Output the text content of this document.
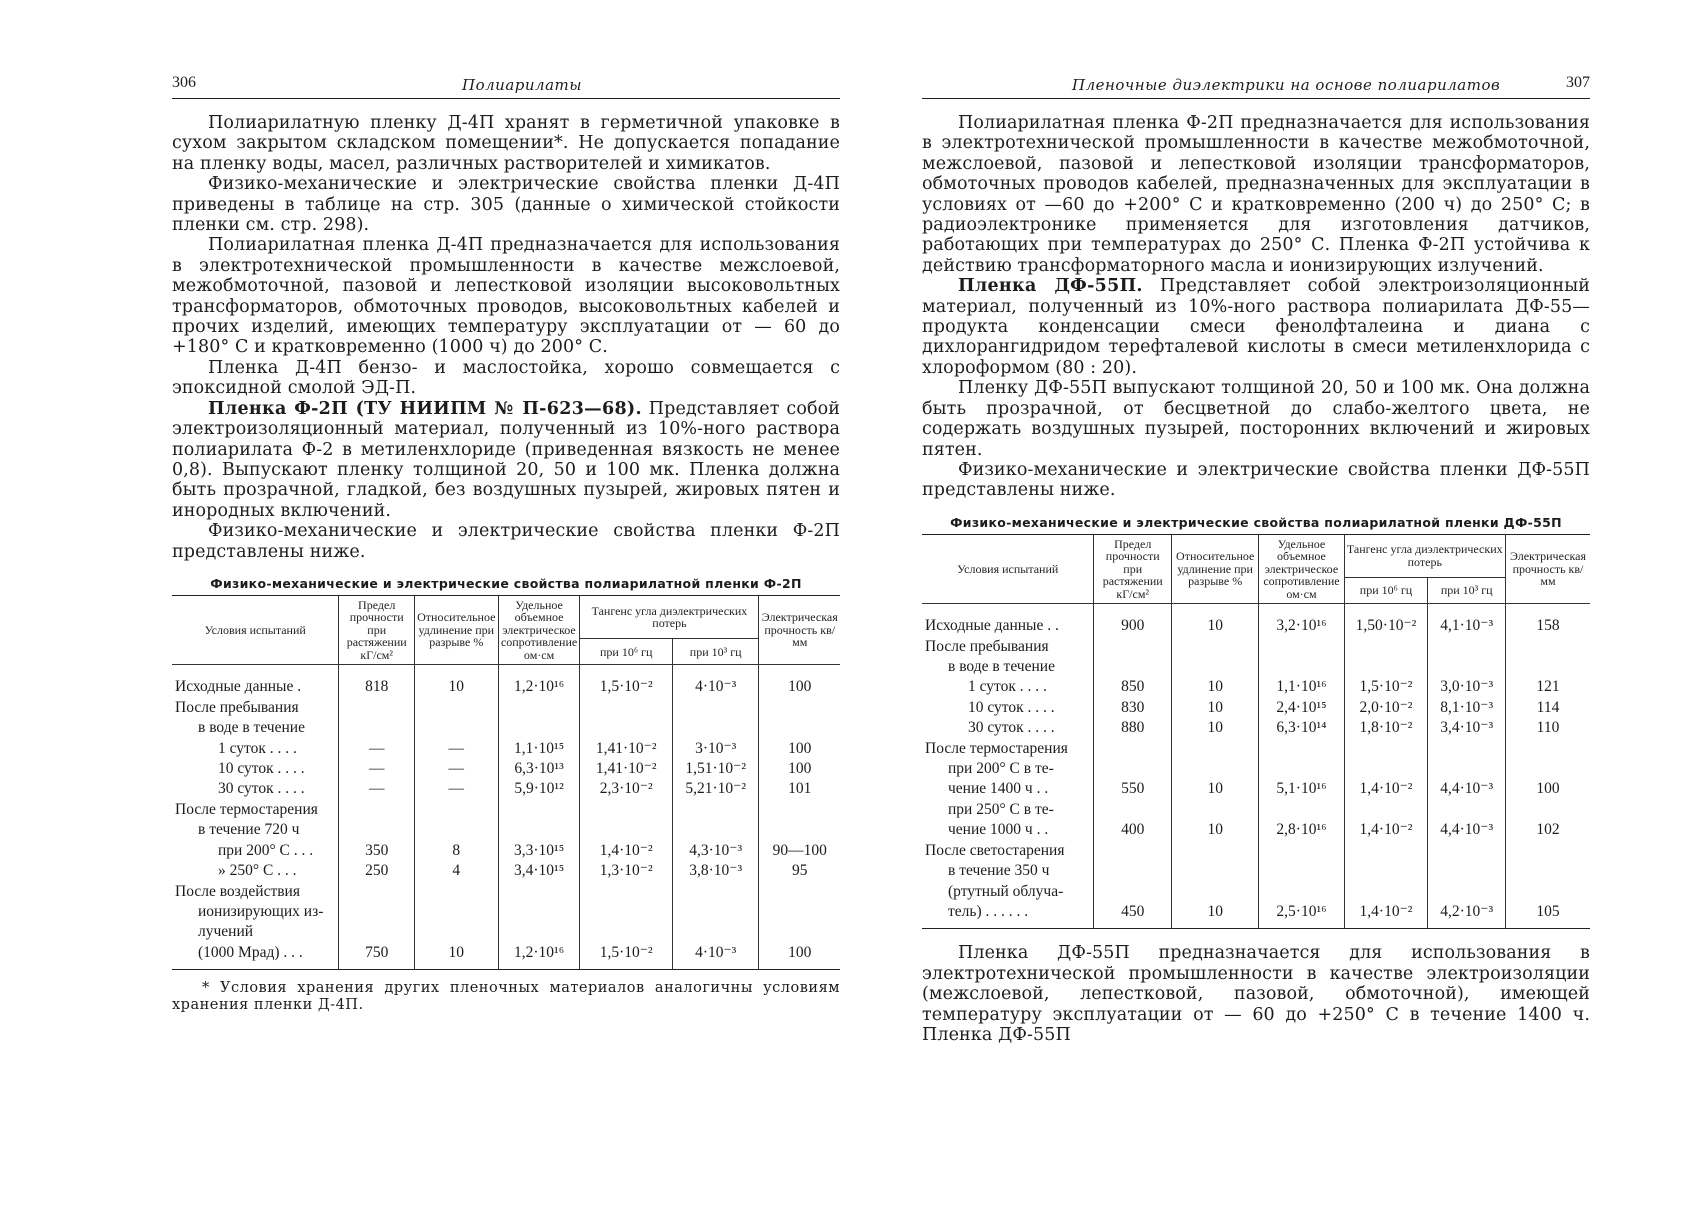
306	Полиарилаты

Полиарилатную пленку Д-4П хранят в герметичной упаковке в сухом закрытом складском помещении*. Не допускается попадание на пленку воды, масел, различных растворителей и химикатов.

Физико-механические и электрические свойства пленки Д-4П приведены в таблице на стр. 305 (данные о химической стойкости пленки см. стр. 298).

Полиарилатная пленка Д-4П предназначается для использования в электротехнической промышленности в качестве межслоевой, межобмоточной, пазовой и лепестковой изоляции высоковольтных трансформаторов, обмоточных проводов, высоковольтных кабелей и прочих изделий, имеющих температуру эксплуатации от — 60 до +180° С и кратковременно (1000 ч) до 200° С.

Пленка Д-4П бензо- и маслостойка, хорошо совмещается с эпоксидной смолой ЭД-П.

Пленка Ф-2П (ТУ НИИПМ № П-623—68). Представляет собой электроизоляционный материал, полученный из 10%-ного раствора полиарилата Ф-2 в метиленхлориде (приведенная вязкость не менее 0,8). Выпускают пленку толщиной 20, 50 и 100 мк. Пленка должна быть прозрачной, гладкой, без воздушных пузырей, жировых пятен и инородных включений.

Физико-механические и электрические свойства пленки Ф-2П представлены ниже.

Физико-механические и электрические свойства полиарилатной пленки Ф-2П
Условия испытаний	Предел прочности при растяжении кГ/см²	Относительное удлинение при разрыве %	Удельное объемное электрическое сопротивление ом·см	Тангенс угла диэлектрических потерь		Электрическая прочность кв/мм
				при 10⁶ гц	при 10³ гц	
Исходные данные .	818	10	1,2·10¹⁶	1,5·10⁻²	4·10⁻³	100
После пребывания						
в воде в течение						
1 суток . . . .	—	—	1,1·10¹⁵	1,41·10⁻²	3·10⁻³	100
10 суток . . . .	—	—	6,3·10¹³	1,41·10⁻²	1,51·10⁻²	100
30 суток . . . .	—	—	5,9·10¹²	2,3·10⁻²	5,21·10⁻²	101
После термостарения						
в течение 720 ч						
при 200° С . . .	350	8	3,3·10¹⁵	1,4·10⁻²	4,3·10⁻³	90—100
» 250° С . . .	250	4	3,4·10¹⁵	1,3·10⁻²	3,8·10⁻³	95
После воздействия						
ионизирующих из-						
лучений						
(1000 Мрад) . . .	750	10	1,2·10¹⁶	1,5·10⁻²	4·10⁻³	100
* Условия хранения других пленочных материалов аналогичны условиям хранения пленки Д-4П.
Пленочные диэлектрики на основе полиарилатов	307

Полиарилатная пленка Ф-2П предназначается для использования в электротехнической промышленности в качестве межобмоточной, межслоевой, пазовой и лепестковой изоляции трансформаторов, обмоточных проводов кабелей, предназначенных для эксплуатации в условиях от —60 до +200° С и кратковременно (200 ч) до 250° С; в радиоэлектронике применяется для изготовления датчиков, работающих при температурах до 250° С. Пленка Ф-2П устойчива к действию трансформаторного масла и ионизирующих излучений.

Пленка ДФ-55П. Представляет собой электроизоляционный материал, полученный из 10%-ного раствора полиарилата ДФ-55—продукта конденсации смеси фенолфталеина и диана с дихлорангидридом терефталевой кислоты в смеси метиленхлорида с хлороформом (80 : 20).

Пленку ДФ-55П выпускают толщиной 20, 50 и 100 мк. Она должна быть прозрачной, от бесцветной до слабо-желтого цвета, не содержать воздушных пузырей, посторонних включений и жировых пятен.

Физико-механические и электрические свойства пленки ДФ-55П представлены ниже.

Физико-механические и электрические свойства полиарилатной пленки ДФ-55П
Условия испытаний	Предел прочности при растяжении кГ/см²	Относительное удлинение при разрыве %	Удельное объемное электрическое сопротивление ом·см	Тангенс угла диэлектрических потерь		Электрическая прочность кв/мм
				при 10⁶ гц	при 10³ гц	
Исходные данные . .	900	10	3,2·10¹⁶	1,50·10⁻²	4,1·10⁻³	158
После пребывания						
в воде в течение						
1 суток . . . .	850	10	1,1·10¹⁶	1,5·10⁻²	3,0·10⁻³	121
10 суток . . . .	830	10	2,4·10¹⁵	2,0·10⁻²	8,1·10⁻³	114
30 суток . . . .	880	10	6,3·10¹⁴	1,8·10⁻²	3,4·10⁻³	110
После термостарения						
при 200° С в те-						
чение 1400 ч . .	550	10	5,1·10¹⁶	1,4·10⁻²	4,4·10⁻³	100
при 250° С в те-						
чение 1000 ч . .	400	10	2,8·10¹⁶	1,4·10⁻²	4,4·10⁻³	102
После светостарения						
в течение 350 ч						
(ртутный облуча-						
тель) . . . . . .	450	10	2,5·10¹⁶	1,4·10⁻²	4,2·10⁻³	105

Пленка ДФ-55П предназначается для использования в электротехнической промышленности в качестве электроизоляции (межслоевой, лепестковой, пазовой, обмоточной), имеющей температуру эксплуатации от — 60 до +250° С в течение 1400 ч. Пленка ДФ-55П
